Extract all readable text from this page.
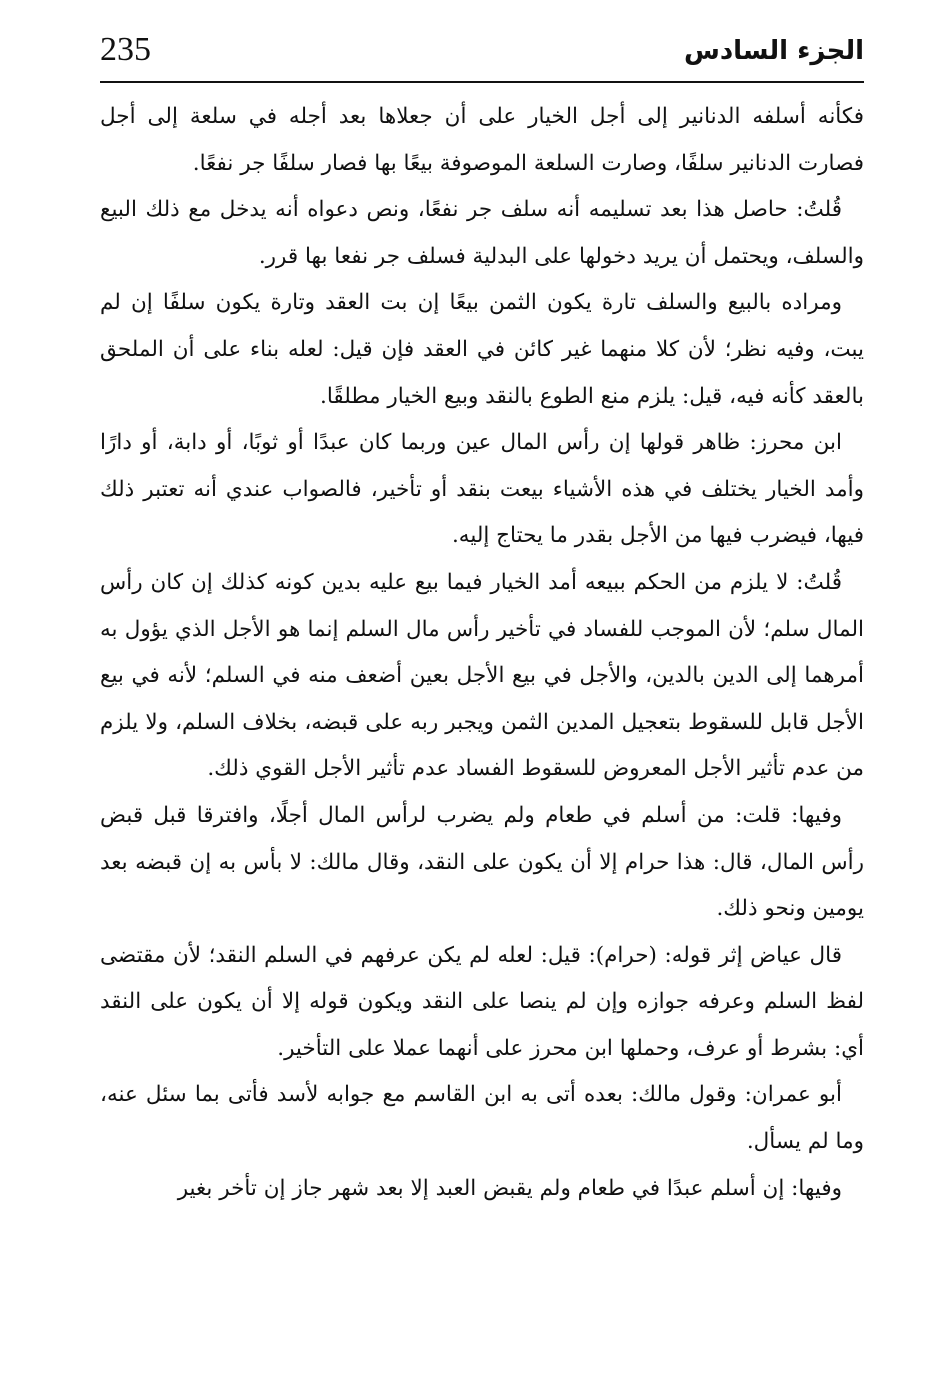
235	الجزء السادس

فكأنه أسلفه الدنانير إلى أجل الخيار على أن جعلاها بعد أجله في سلعة إلى أجل فصارت الدنانير سلفًا، وصارت السلعة الموصوفة بيعًا بها فصار سلفًا جر نفعًا.

قُلتُ: حاصل هذا بعد تسليمه أنه سلف جر نفعًا، ونص دعواه أنه يدخل مع ذلك البيع والسلف، ويحتمل أن يريد دخولها على البدلية فسلف جر نفعا بها قرر.

ومراده بالبيع والسلف تارة يكون الثمن بيعًا إن بت العقد وتارة يكون سلفًا إن لم يبت، وفيه نظر؛ لأن كلا منهما غير كائن في العقد فإن قيل: لعله بناء على أن الملحق بالعقد كأنه فيه، قيل: يلزم منع الطوع بالنقد وبيع الخيار مطلقًا.

ابن محرز: ظاهر قولها إن رأس المال عين وربما كان عبدًا أو ثوبًا، أو دابة، أو دارًا وأمد الخيار يختلف في هذه الأشياء بيعت بنقد أو تأخير، فالصواب عندي أنه تعتبر ذلك فيها، فيضرب فيها من الأجل بقدر ما يحتاج إليه.

قُلتُ: لا يلزم من الحكم ببيعه أمد الخيار فيما بيع عليه بدين كونه كذلك إن كان رأس المال سلم؛ لأن الموجب للفساد في تأخير رأس مال السلم إنما هو الأجل الذي يؤول به أمرهما إلى الدين بالدين، والأجل في بيع الأجل بعين أضعف منه في السلم؛ لأنه في بيع الأجل قابل للسقوط بتعجيل المدين الثمن ويجبر ربه على قبضه، بخلاف السلم، ولا يلزم من عدم تأثير الأجل المعروض للسقوط الفساد عدم تأثير الأجل القوي ذلك.

وفيها: قلت: من أسلم في طعام ولم يضرب لرأس المال أجلًا، وافترقا قبل قبض رأس المال، قال: هذا حرام إلا أن يكون على النقد، وقال مالك: لا بأس به إن قبضه بعد يومين ونحو ذلك.

قال عياض إثر قوله: (حرام): قيل: لعله لم يكن عرفهم في السلم النقد؛ لأن مقتضى لفظ السلم وعرفه جوازه وإن لم ينصا على النقد ويكون قوله إلا أن يكون على النقد أي: بشرط أو عرف، وحملها ابن محرز على أنهما عملا على التأخير.

أبو عمران: وقول مالك: بعده أتى به ابن القاسم مع جوابه لأسد فأتى بما سئل عنه، وما لم يسأل.

وفيها: إن أسلم عبدًا في طعام ولم يقبض العبد إلا بعد شهر جاز إن تأخر بغير
